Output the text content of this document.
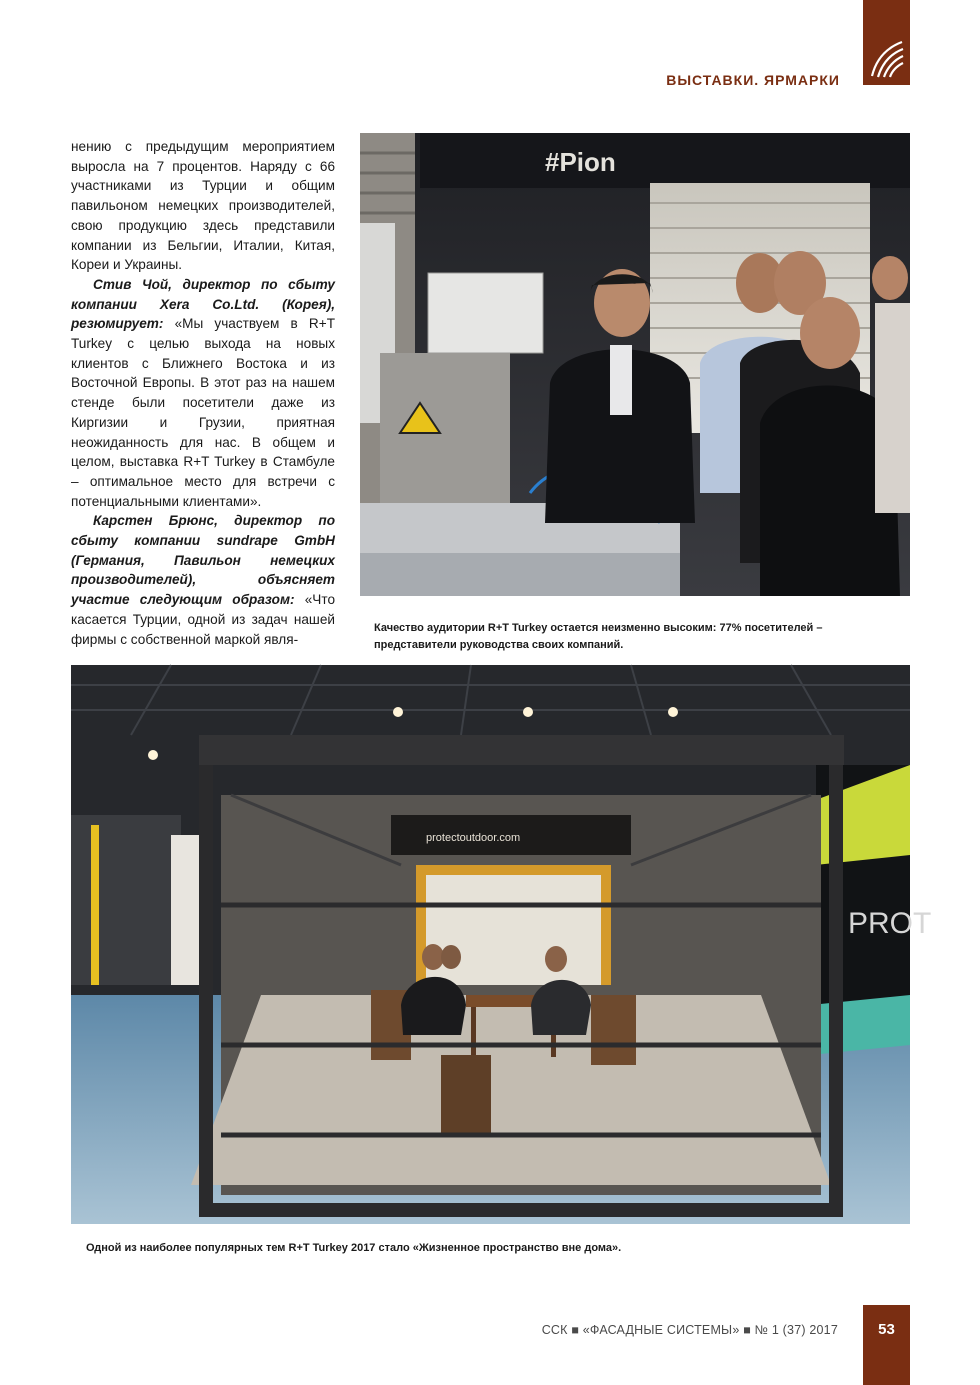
ВЫСТАВКИ. ЯРМАРКИ

нению с предыдущим мероприятием выросла на 7 процентов. Наряду с 66 участниками из Турции и общим павильоном немецких производителей, свою продукцию здесь представили компании из Бельгии, Италии, Китая, Кореи и Украины.

Стив Чой, директор по сбыту компании Xera Co.Ltd. (Корея), резюмирует: «Мы участвуем в R+T Turkey с целью выхода на новых клиентов с Ближнего Востока и из Восточной Европы. В этот раз на нашем стенде были посетители даже из Киргизии и Грузии, приятная неожиданность для нас. В общем и целом, выставка R+T Turkey в Стамбуле – оптимальное место для встречи с потенциальными клиентами».

Карстен Брюнс, директор по сбыту компании sundrape GmbH (Германия, Павильон немецких производителей), объясняет участие следующим образом: «Что касается Турции, одной из задач нашей фирмы с собственной маркой явля-

#Pion
Качество аудитории R+T Turkey остается неизменно высоким: 77% посетителей – представители руководства своих компаний.
PROT
protectoutdoor.com
Одной из наиболее популярных тем R+T Turkey 2017 стало «Жизненное пространство вне дома».
ССК ■ «ФАСАДНЫЕ СИСТЕМЫ» ■ № 1 (37) 2017	53
